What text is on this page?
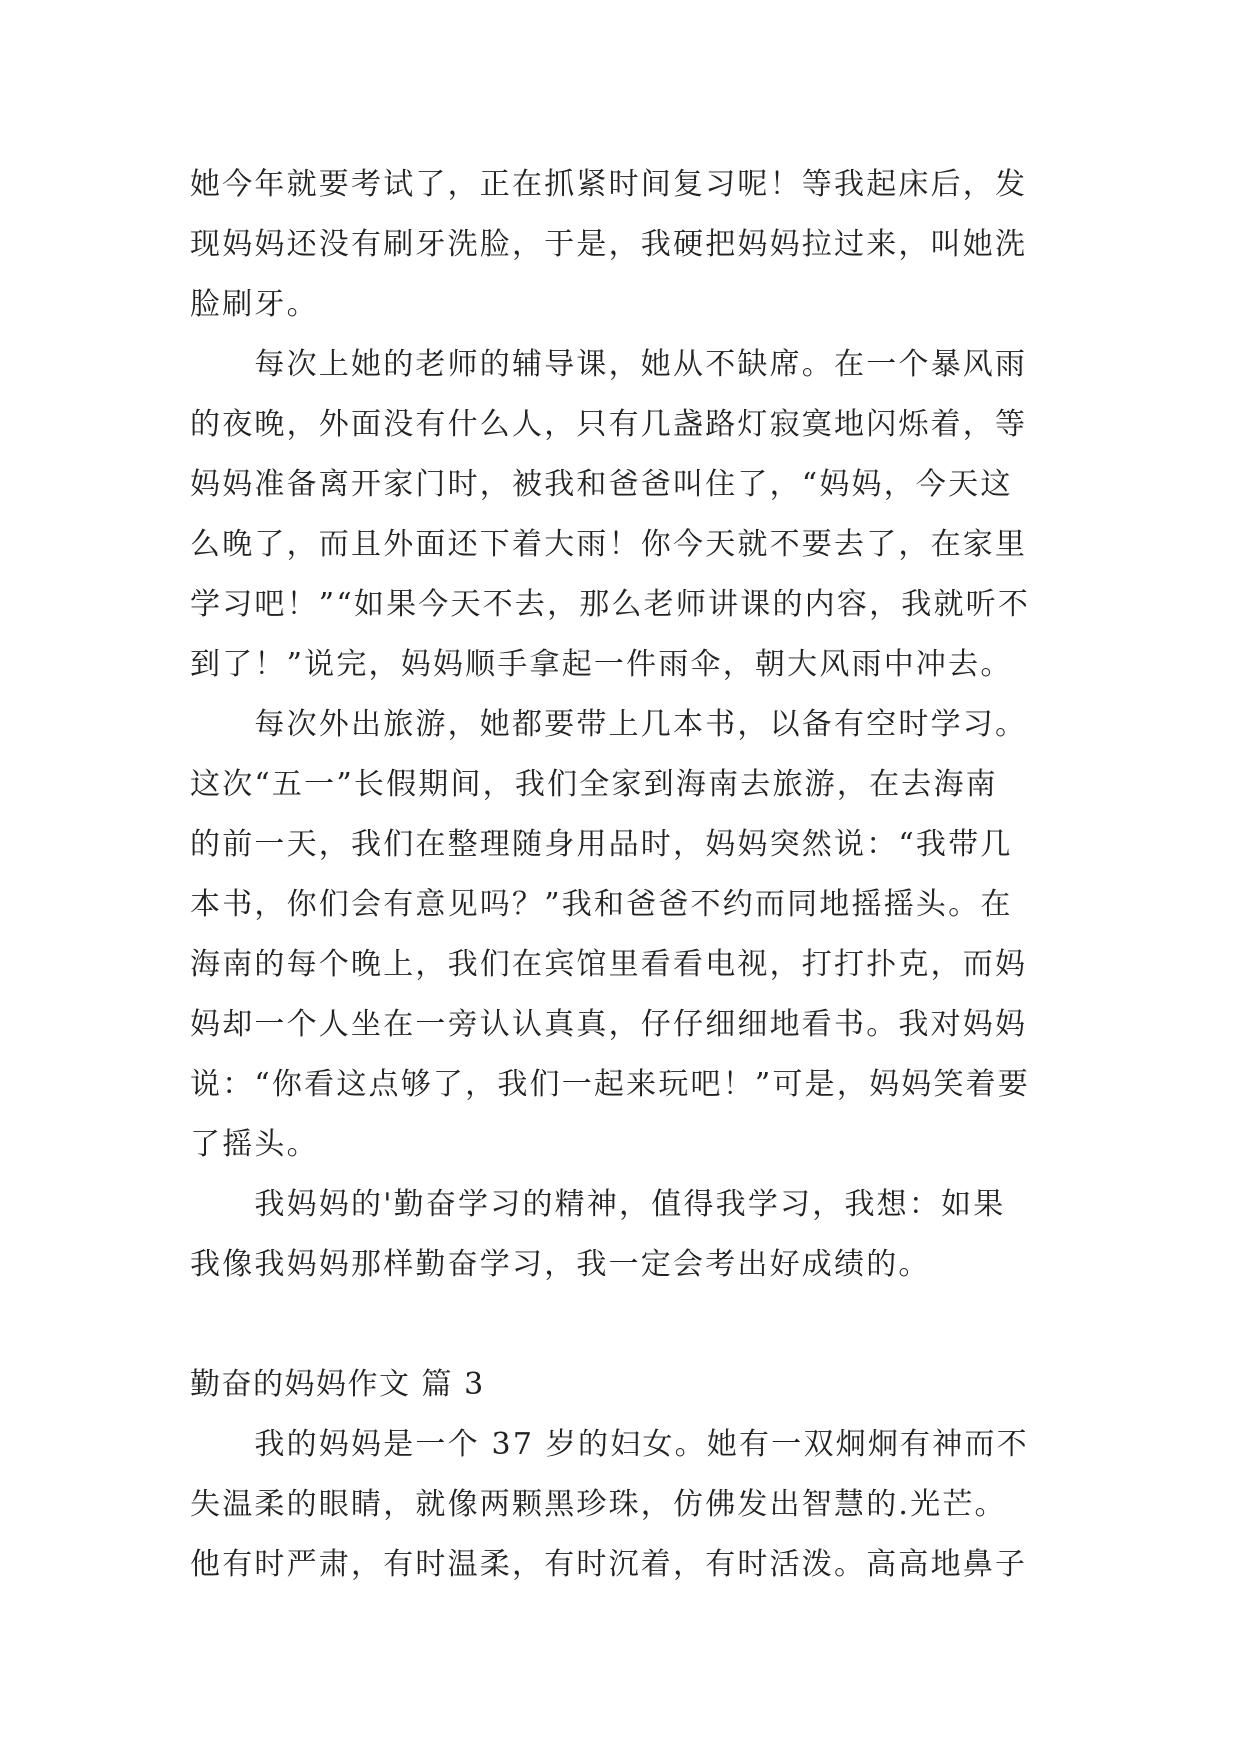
她今年就要考试了，正在抓紧时间复习呢！等我起床后，发
现妈妈还没有刷牙洗脸，于是，我硬把妈妈拉过来，叫她洗
脸刷牙。
　　每次上她的老师的辅导课，她从不缺席。在一个暴风雨
的夜晚，外面没有什么人，只有几盏路灯寂寞地闪烁着，等
妈妈准备离开家门时，被我和爸爸叫住了，“妈妈，今天这
么晚了，而且外面还下着大雨！你今天就不要去了，在家里
学习吧！”“如果今天不去，那么老师讲课的内容，我就听不
到了！”说完，妈妈顺手拿起一件雨伞，朝大风雨中冲去。
　　每次外出旅游，她都要带上几本书，以备有空时学习。
这次“五一”长假期间，我们全家到海南去旅游，在去海南
的前一天，我们在整理随身用品时，妈妈突然说：“我带几
本书，你们会有意见吗？”我和爸爸不约而同地摇摇头。在
海南的每个晚上，我们在宾馆里看看电视，打打扑克，而妈
妈却一个人坐在一旁认认真真，仔仔细细地看书。我对妈妈
说：“你看这点够了，我们一起来玩吧！”可是，妈妈笑着要
了摇头。
　　我妈妈的'勤奋学习的精神，值得我学习，我想：如果
我像我妈妈那样勤奋学习，我一定会考出好成绩的。
勤奋的妈妈作文 篇 3
　　我的妈妈是一个 37 岁的妇女。她有一双炯炯有神而不
失温柔的眼睛，就像两颗黑珍珠，仿佛发出智慧的.光芒。
他有时严肃，有时温柔，有时沉着，有时活泼。高高地鼻子
